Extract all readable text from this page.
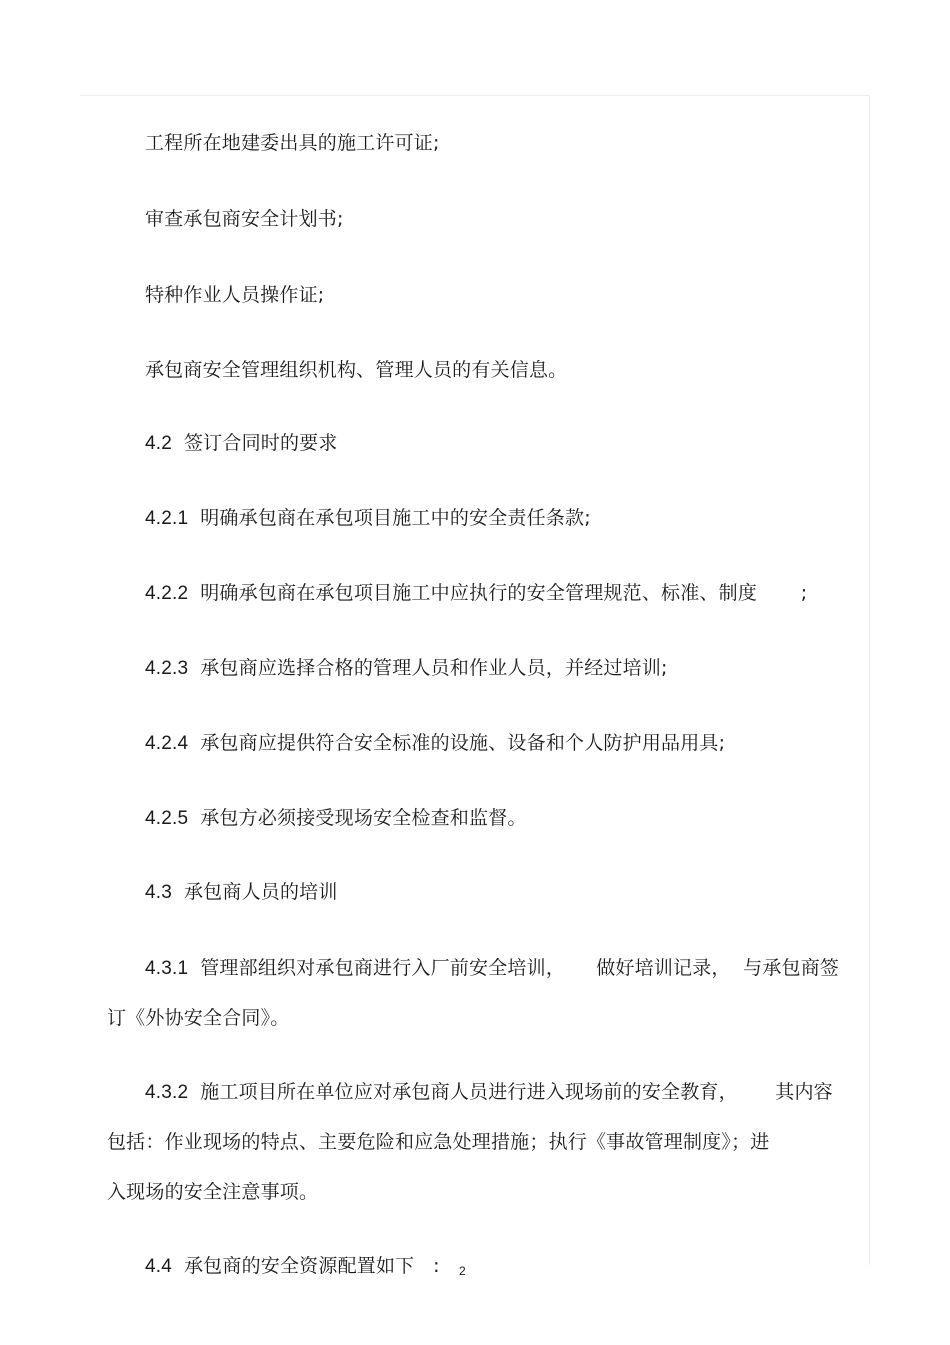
工程所在地建委出具的施工许可证;

审查承包商安全计划书;

特种作业人员操作证;

承包商安全管理组织机构、管理人员的有关信息。

4.2 签订合同时的要求

4.2.1 明确承包商在承包项目施工中的安全责任条款;

4.2.2 明确承包商在承包项目施工中应执行的安全管理规范、标准、制度       ;

4.2.3 承包商应选择合格的管理人员和作业人员，并经过培训;

4.2.4 承包商应提供符合安全标准的设施、设备和个人防护用品用具;

4.2.5 承包方必须接受现场安全检查和监督。

4.3 承包商人员的培训

4.3.1 管理部组织对承包商进行入厂前安全培训，     做好培训记录，  与承包商签

订《外协安全合同》。

4.3.2 施工项目所在单位应对承包商人员进行进入现场前的安全教育，      其内容

包括：作业现场的特点、主要危险和应急处理措施；执行《事故管理制度》；进

入现场的安全注意事项。

4.4 承包商的安全资源配置如下   :
2
